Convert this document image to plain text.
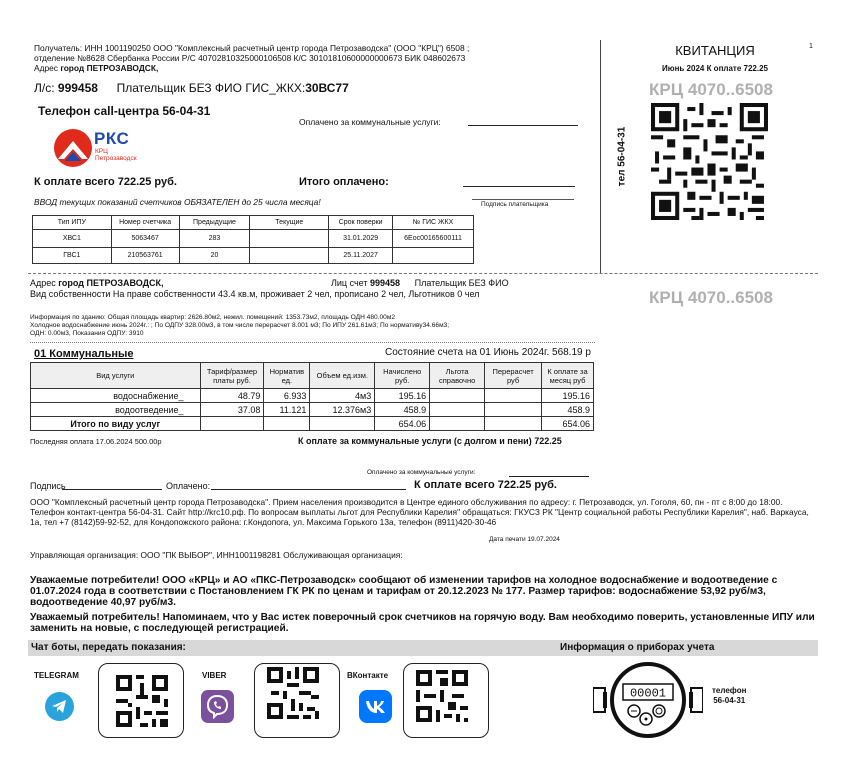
Получатель: ИНН 1001190250 ООО "Комплексный расчетный центр города Петрозаводска" (ООО "КРЦ") 6508 ;
отделение №8628 Сбербанка России Р/С 40702810325000106508 К/С 30101810600000000673 БИК 048602673
Адрес город ПЕТРОЗАВОДСК,
Л/с: 999458 Плательщик БЕЗ ФИО ГИС_ЖКХ:30ВС77
Телефон call-центра 56-04-31
Оплачено за коммунальные услуги:
РКС
КРЦ
Петрозаводск
К оплате всего 722.25 руб.	Итого оплачено:
ВВОД текущих показаний счетчиков ОБЯЗАТЕЛЕН до 25 числа месяца!	Подпись плательщика
Тип ИПУ	Номер счетчика	Предыдущие	Текущие	Срок поверки	№ ГИС ЖКХ
ХВС1	5063467	283		31.01.2029	6Еос00165600111
ГВС1	210563761	20		25.11.2027	
тел 56-04-31
КВИТАНЦИЯ	1
Июнь 2024 К оплате 722.25
КРЦ 4070..6508
КРЦ 4070..6508
Адрес город ПЕТРОЗАВОДСК,	Лиц счет 999458 Плательщик БЕЗ ФИО
Вид собственности На праве собственности 43.4 кв.м, проживает 2 чел, прописано 2 чел, Льготников 0 чел
Информация по зданию: Общая площадь квартир: 2626.80м2, нежил. помещений: 1353.73м2, площадь ОДН 480.00м2
Холодное водоснабжение июнь 2024г.: ; По ОДПУ 328.00м3, в том числе перерасчет 8.001 м3; По ИПУ 261.61м3; По нормативу34.66м3;
ОДН: 0.00м3, Показания ОДПУ: 3910
01 Коммунальные	Состояние счета на 01 Июнь 2024г. 568.19 р
Вид услуги	Тариф/размер платы руб.	Норматив ед.	Объем ед.изм.	Начислено руб.	Льгота справочно	Перерасчет руб	К оплате за месяц руб
водоснабжение_	48.79	6.933	4м3	195.16			195.16
водоотведение_	37.08	11.121	12.376м3	458.9			458.9
Итого по виду услуг				654.06			654.06
Последняя оплата 17.06.2024 500.00р	К оплате за коммунальные услуги (с долгом и пени) 722.25
Оплачено за коммунальные услуги:
Подпись	Оплачено:	К оплате всего 722.25 руб.
ООО "Комплексный расчетный центр города Петрозаводска". Прием населения производится в Центре единого обслуживания по адресу: г. Петрозаводск, ул. Гоголя, 60, пн - пт с 8:00 до 18:00. Телефон контакт-центра 56-04-31. Сайт http://krc10.рф. По вопросам выплаты льгот для Республики Карелия" обращаться: ГКУСЗ РК "Центр социальной работы Республики Карелия", наб. Варкауса, 1а, тел +7 (8142)59-92-52, для Кондопожского района: г.Кондопога, ул. Максима Горького 13а, телефон (8911)420-30-46
Дата печати 19.07.2024
Управляющая организация: ООО "ПК ВЫБОР", ИНН1001198281 Обслуживающая организация:
Уважаемые потребители! ООО «КРЦ» и АО «ПКС-Петрозаводск» сообщают об изменении тарифов на холодное водоснабжение и водоотведение с 01.07.2024 года в соответствии с Постановлением ГК РК по ценам и тарифам от 20.12.2023 № 177. Размер тарифов: водоснабжение 53,92 руб/м3, водоотведение 40,97 руб/м3.
Уважаемый потребитель! Напоминаем, что у Вас истек поверочный срок счетчиков на горячую воду. Вам необходимо поверить, установленные ИПУ или заменить на новые, с последующей регистрацией.
Чат боты, передать показания:	Информация о приборах учета
TELEGRAM	VIBER	ВКонтакте
00001	телефон
56-04-31
